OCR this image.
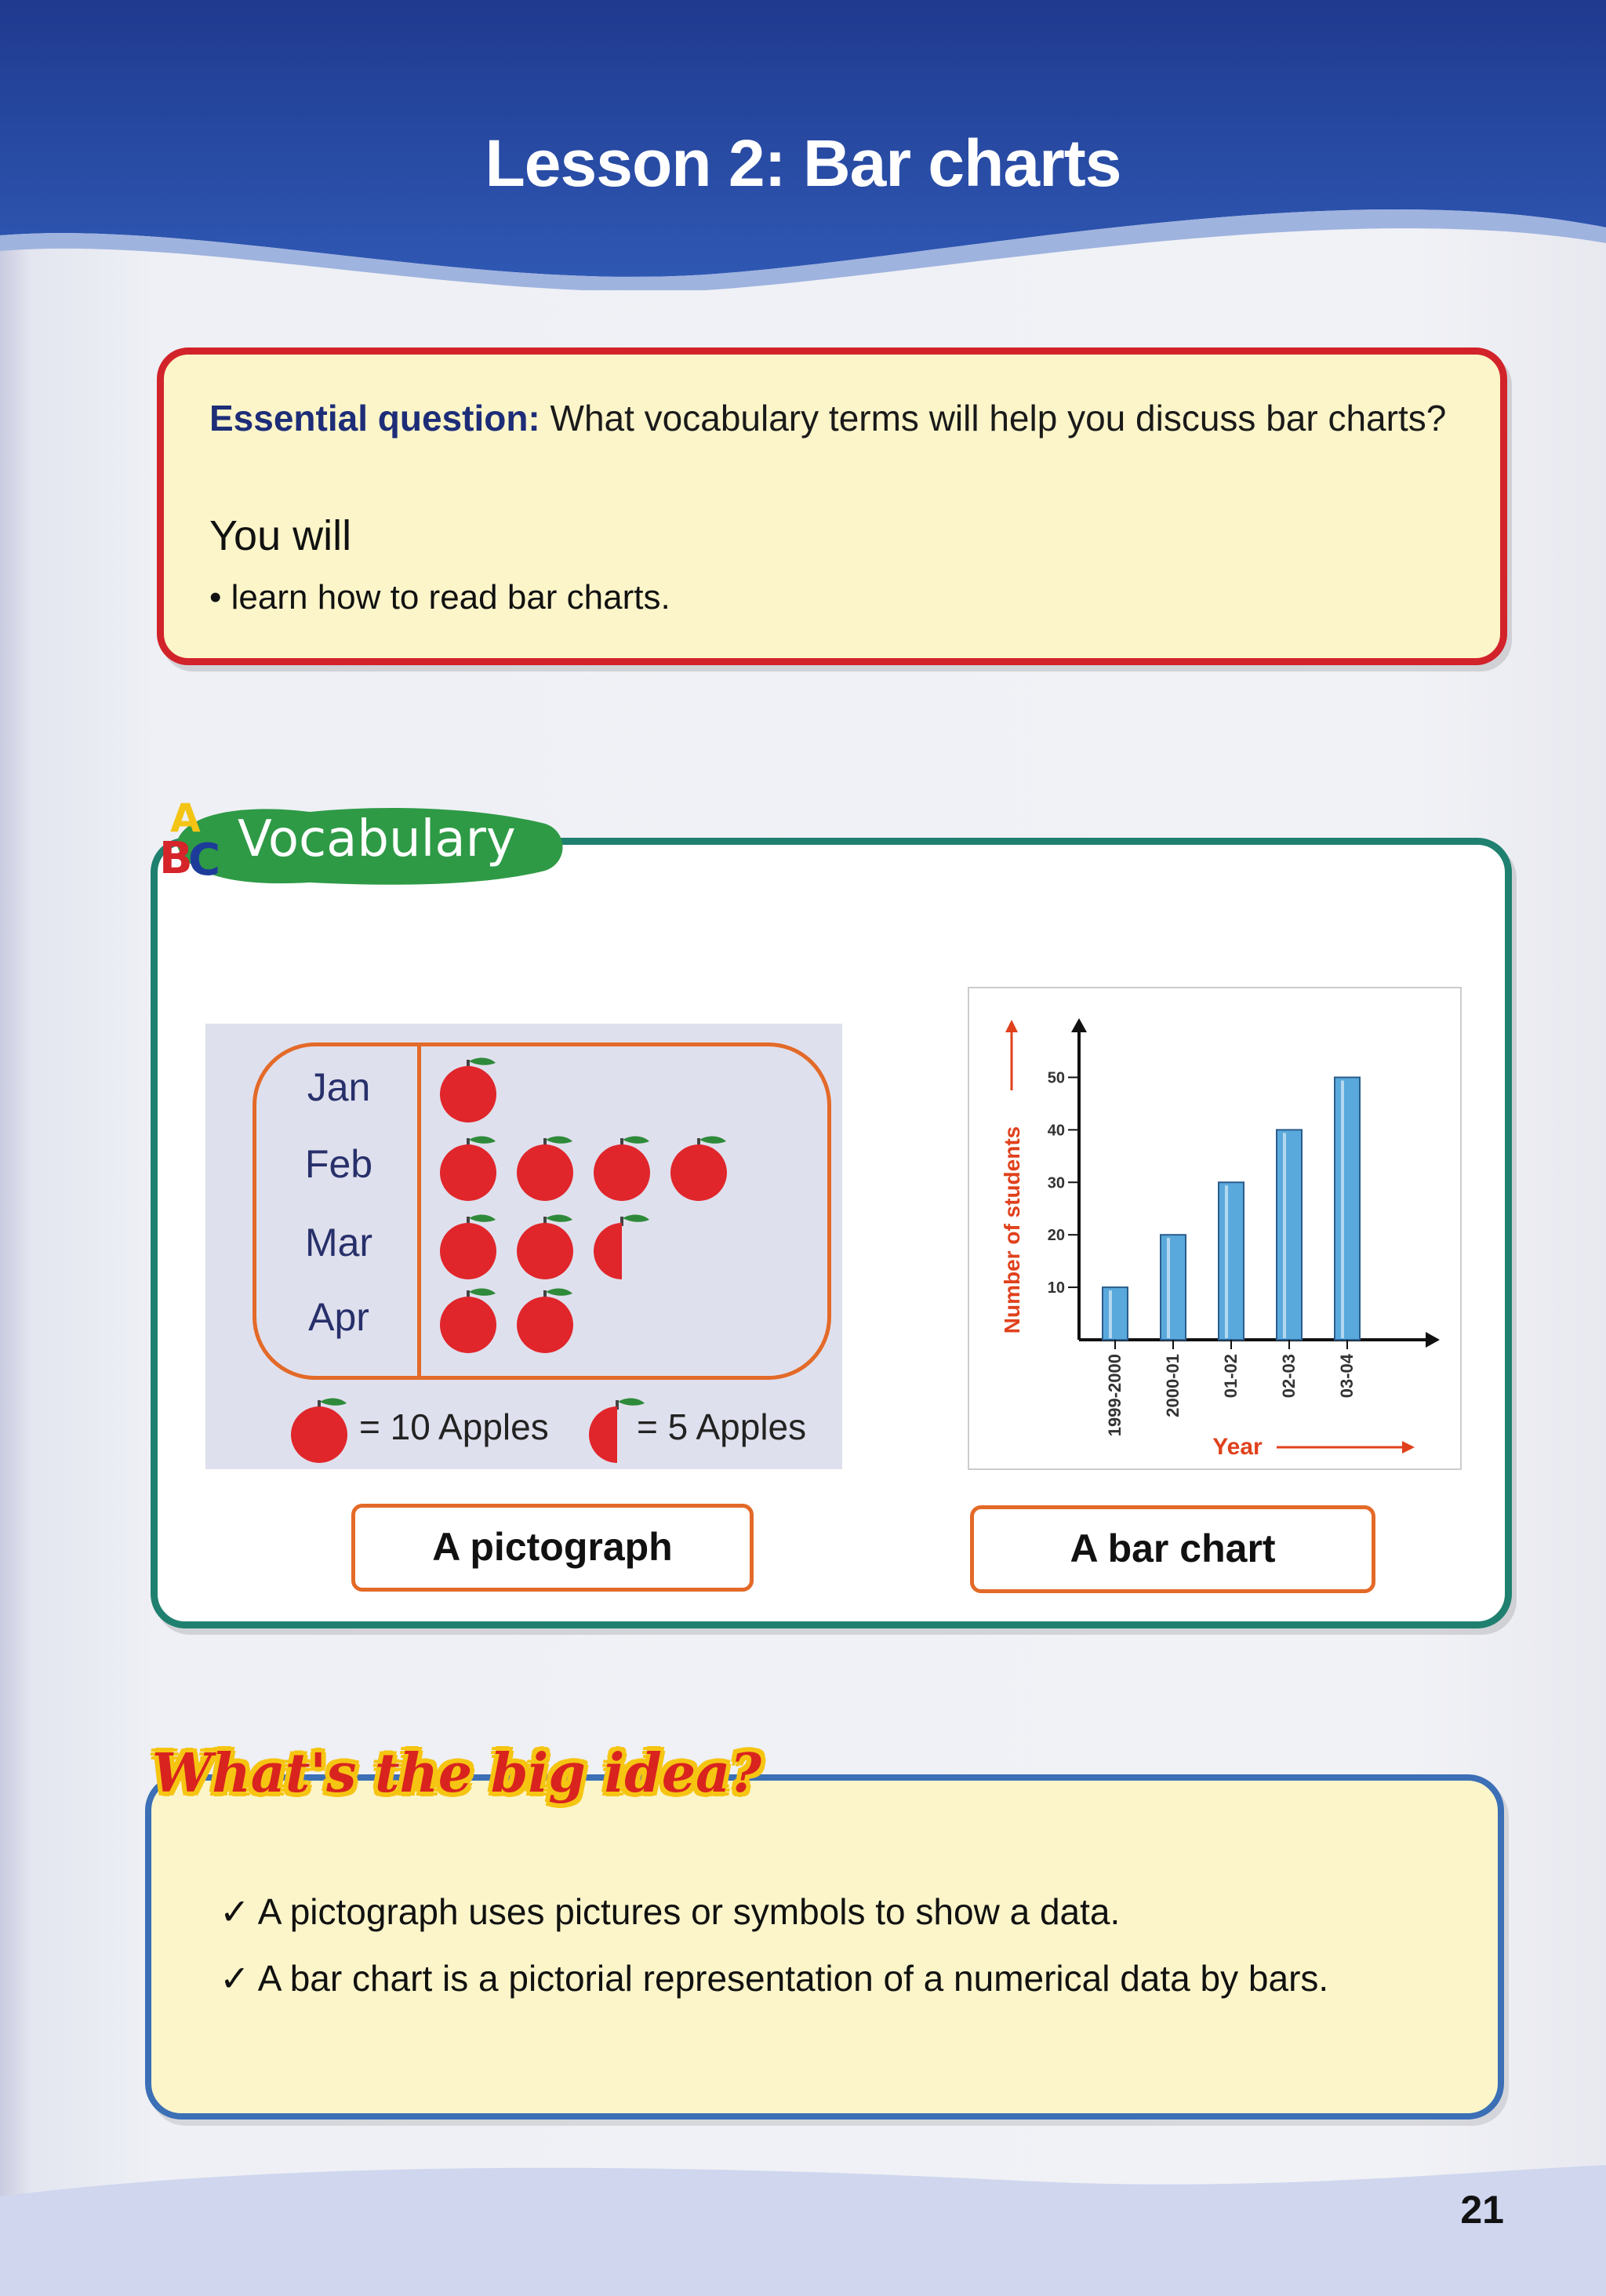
Lesson 2: Bar charts
Essential question: What vocabulary terms will help you discuss bar charts?
You will
• learn how to read bar charts.
A
B
C Vocabulary
Jan
Feb
Mar
Apr
= 10 Apples = 5 Apples
10
20
30
40
50
1999-2000 2000-01 01-02 02-03 03-04
Number of students
Year
A pictograph	A bar chart
What's the big idea?
✓ A pictograph uses pictures or symbols to show a data.
✓ A bar chart is a pictorial representation of a numerical data by bars.
21
